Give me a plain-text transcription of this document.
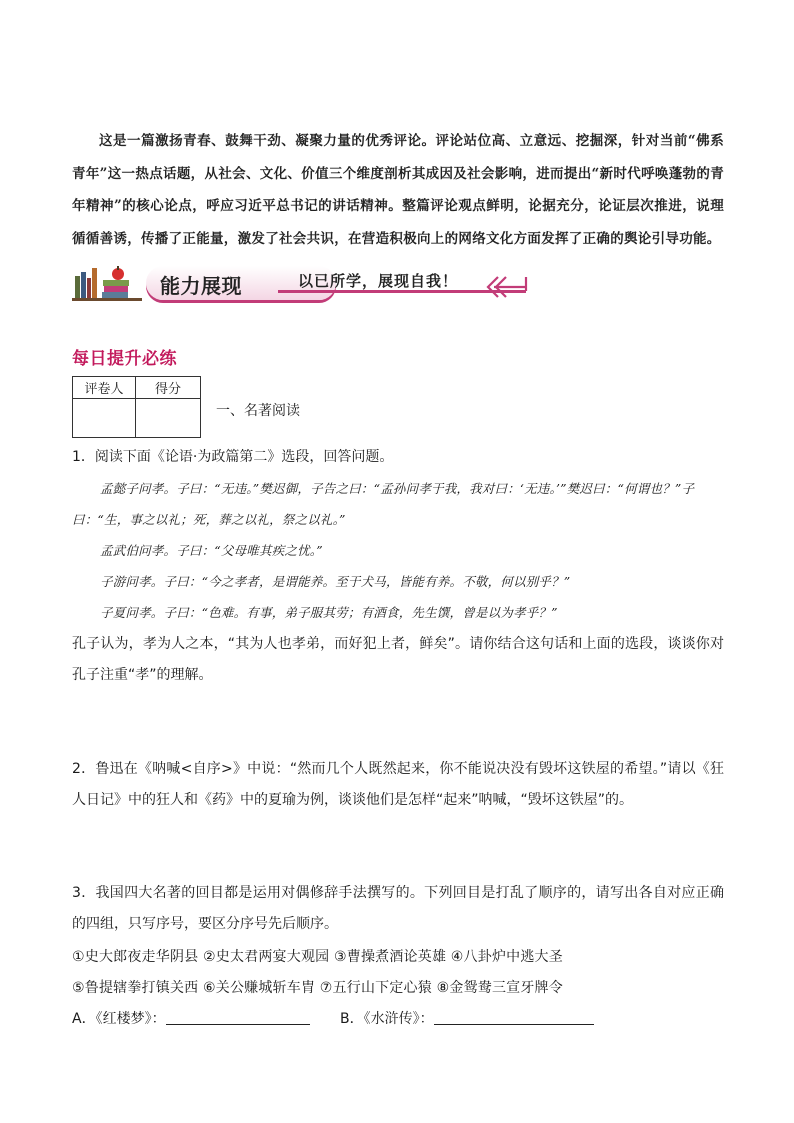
这是一篇激扬青春、鼓舞干劲、凝聚力量的优秀评论。评论站位高、立意远、挖掘深，针对当前“佛系青年”这一热点话题，从社会、文化、价值三个维度剖析其成因及社会影响，进而提出“新时代呼唤蓬勃的青年精神”的核心论点，呼应习近平总书记的讲话精神。整篇评论观点鲜明，论据充分，论证层次推进，说理循循善诱，传播了正能量，激发了社会共识，在营造积极向上的网络文化方面发挥了正确的舆论引导功能。
能力展现	以已所学，展现自我！
每日提升必练
评卷人	得分

一、名著阅读
1．阅读下面《论语·为政篇第二》选段，回答问题。
孟懿子问孝。子曰：“无违。”樊迟御，子告之曰：“孟孙问孝于我，我对曰：‘无违。’”樊迟曰：“何谓也？”子曰：“生，事之以礼；死，葬之以礼，祭之以礼。”
孟武伯问孝。子曰：“父母唯其疾之忧。”
子游问孝。子曰：“今之孝者，是谓能养。至于犬马，皆能有养。不敬，何以别乎？”
子夏问孝。子曰：“色难。有事，弟子服其劳；有酒食，先生馔，曾是以为孝乎？”
孔子认为，孝为人之本，“其为人也孝弟，而好犯上者，鲜矣”。请你结合这句话和上面的选段，谈谈你对孔子注重“孝”的理解。
2．鲁迅在《呐喊<自序>》中说：“然而几个人既然起来，你不能说决没有毁坏这铁屋的希望。”请以《狂人日记》中的狂人和《药》中的夏瑜为例，谈谈他们是怎样“起来”呐喊，“毁坏这铁屋”的。
3．我国四大名著的回目都是运用对偶修辞手法撰写的。下列回目是打乱了顺序的，请写出各自对应正确的四组，只写序号，要区分序号先后顺序。
①史大郎夜走华阴县 ②史太君两宴大观园 ③曹操煮酒论英雄 ④八卦炉中逃大圣
⑤鲁提辖拳打镇关西 ⑥关公赚城斩车胄 ⑦五行山下定心猿 ⑧金鸳鸯三宣牙牌令
A．《红楼梦》：	B．《水浒传》：
